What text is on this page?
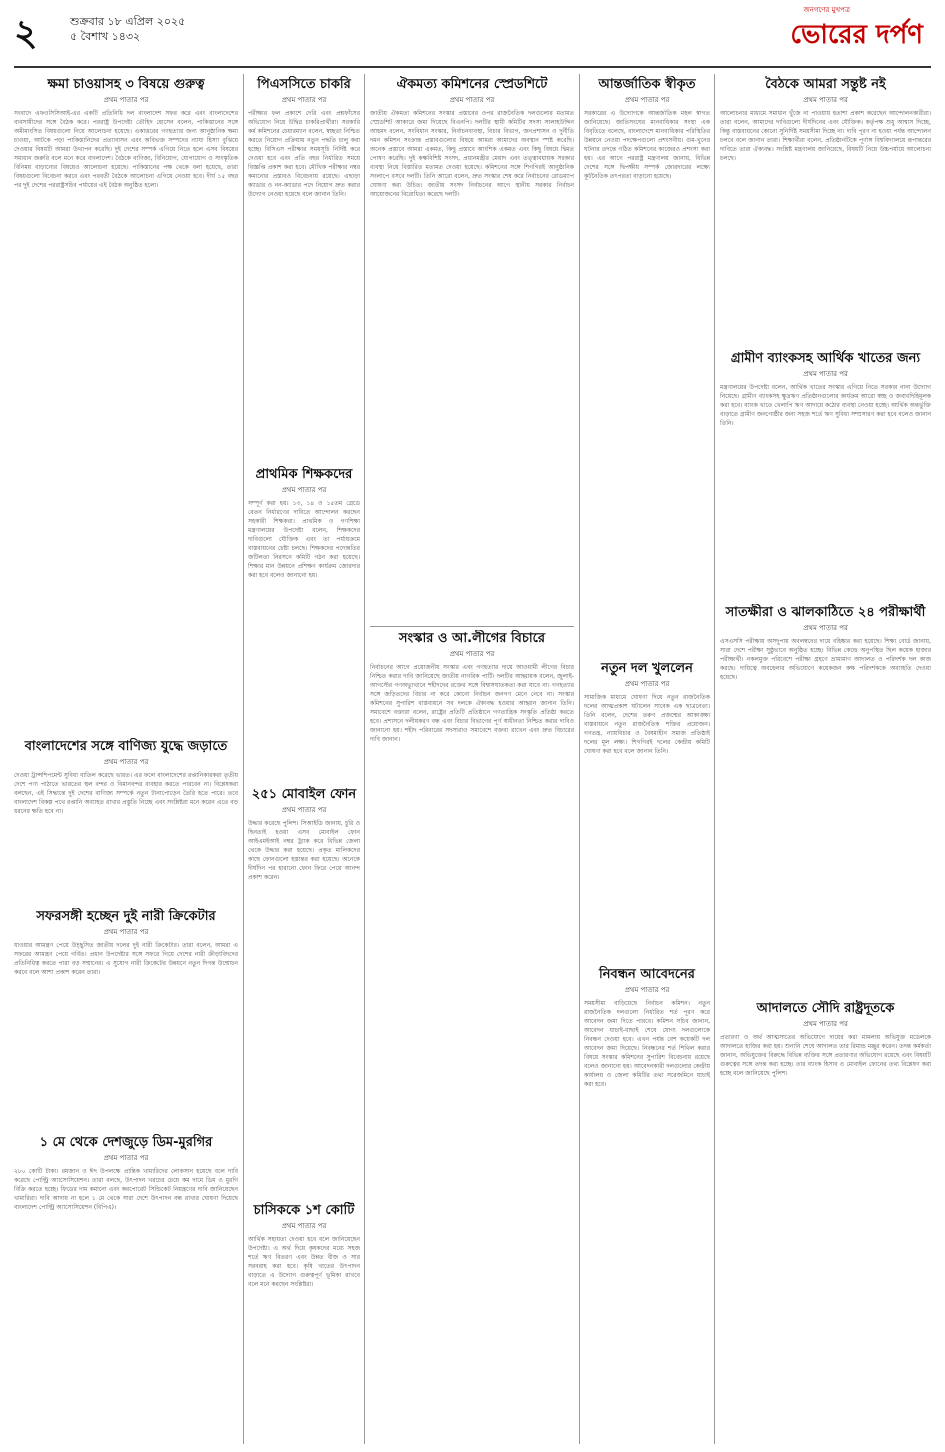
২	শুক্রবার ১৮ এপ্রিল ২০২৫
৫ বৈশাখ ১৪৩২
জনগণের মুখপত্র
ভোরের দর্পণ
ক্ষমা চাওয়াসহ ৩ বিষয়ে গুরুত্ব
প্রথম পাতার পর
সংবাদে এফওসিসিআই-এর একটি প্রতিনিধি দল বাংলাদেশ সফর করে এবং বাংলাদেশের ব্যবসায়ীদের সঙ্গে বৈঠক করে। পররাষ্ট্র উপদেষ্টা তৌহিদ হোসেন বলেন, পাকিস্তানের সঙ্গে অমীমাংসিত বিষয়গুলো নিয়ে আলোচনা হয়েছে। একাত্তরের গণহত্যার জন্য আনুষ্ঠানিক ক্ষমা চাওয়া, আটকে পড়া পাকিস্তানিদের প্রত্যাবাসন এবং অবিভক্ত সম্পদের ন্যায্য হিস্যা বুঝিয়ে দেওয়ার বিষয়টি আমরা উত্থাপন করেছি। দুই দেশের সম্পর্ক এগিয়ে নিতে হলে এসব বিষয়ের সমাধান জরুরি বলে মনে করে বাংলাদেশ। বৈঠকে বাণিজ্য, বিনিয়োগ, যোগাযোগ ও সাংস্কৃতিক বিনিময় বাড়ানোর বিষয়েও আলোচনা হয়েছে। পাকিস্তানের পক্ষ থেকে বলা হয়েছে, তারা বিষয়গুলো বিবেচনা করবে এবং পরবর্তী বৈঠকে আলোচনা এগিয়ে নেওয়া হবে। দীর্ঘ ১৫ বছর পর দুই দেশের পররাষ্ট্রসচিব পর্যায়ের এই বৈঠক অনুষ্ঠিত হলো।
বাংলাদেশের সঙ্গে বাণিজ্য যুদ্ধে জড়াতে
প্রথম পাতার পর
দেওয়া ট্রান্সশিপমেন্ট সুবিধা বাতিল করেছে ভারত। এর ফলে বাংলাদেশের রপ্তানিকারকরা তৃতীয় দেশে পণ্য পাঠাতে ভারতের স্থল বন্দর ও বিমানবন্দর ব্যবহার করতে পারবেন না। বিশ্লেষকরা বলছেন, এই সিদ্ধান্তে দুই দেশের বাণিজ্য সম্পর্কে নতুন টানাপোড়েন তৈরি হতে পারে। তবে বাংলাদেশ বিকল্প পথে রপ্তানি অব্যাহত রাখার প্রস্তুতি নিচ্ছে এবং সংশ্লিষ্টরা মনে করেন এতে বড় ধরনের ক্ষতি হবে না।
সফরসঙ্গী হচ্ছেন দুই নারী ক্রিকেটার
প্রথম পাতার পর
যাওয়ার আমন্ত্রণ পেয়ে উচ্ছ্বসিত জাতীয় দলের দুই নারী ক্রিকেটার। তারা বলেন, আমরা এ সফরের আমন্ত্রণ পেয়ে গর্বিত। প্রধান উপদেষ্টার সঙ্গে সফরে গিয়ে দেশের নারী ক্রীড়াবিদদের প্রতিনিধিত্ব করতে পারা বড় সম্মানের। এ সুযোগ নারী ক্রিকেটের উন্নয়নে নতুন দিগন্ত উন্মোচন করবে বলে আশা প্রকাশ করেন তারা।
১ মে থেকে দেশজুড়ে ডিম-মুরগির
প্রথম পাতার পর
২৮০ কোটি টাকা। রমজান ও ঈদ উপলক্ষে প্রান্তিক খামারিদের লোকসান হয়েছে বলে দাবি করেছে পোল্ট্রি অ্যাসোসিয়েশন। তারা বলছে, উৎপাদন খরচের চেয়ে কম দামে ডিম ও মুরগি বিক্রি করতে হচ্ছে। ফিডের দাম কমানো এবং করপোরেট সিন্ডিকেট নিয়ন্ত্রণের দাবি জানিয়েছেন খামারিরা। দাবি আদায় না হলে ১ মে থেকে সারা দেশে উৎপাদন বন্ধ রাখার ঘোষণা দিয়েছে বাংলাদেশ পোল্ট্রি অ্যাসোসিয়েশন (বিপিএ)।
পিএসসিতে চাকরি
প্রথম পাতার পর
পরীক্ষার ফল প্রকাশে দেরি এবং প্রশ্নফাঁসের অভিযোগ নিয়ে উদ্বিগ্ন চাকরিপ্রার্থীরা। সরকারি কর্ম কমিশনের চেয়ারম্যান বলেন, স্বচ্ছতা নিশ্চিত করতে নিয়োগ প্রক্রিয়ায় নতুন পদ্ধতি চালু করা হচ্ছে। বিসিএস পরীক্ষার সময়সূচি নির্দিষ্ট করে দেওয়া হবে এবং প্রতি বছর নির্ধারিত সময়ে বিজ্ঞপ্তি প্রকাশ করা হবে। মৌখিক পরীক্ষার নম্বর কমানোর প্রস্তাবও বিবেচনায় রয়েছে। এছাড়া ক্যাডার ও নন-ক্যাডার পদে নিয়োগ দ্রুত করার উদ্যোগ নেওয়া হয়েছে বলে জানান তিনি।
প্রাথমিক শিক্ষকদের
প্রথম পাতার পর
সম্পূর্ণ করা হয়। ১৩, ১৪ ও ১৫তম গ্রেডে বেতন নির্ধারণের দাবিতে আন্দোলন করছেন সহকারী শিক্ষকরা। প্রাথমিক ও গণশিক্ষা মন্ত্রণালয়ের উপদেষ্টা বলেন, শিক্ষকদের দাবিগুলো যৌক্তিক এবং তা পর্যায়ক্রমে বাস্তবায়নের চেষ্টা চলছে। শিক্ষকদের পদোন্নতির জটিলতা নিরসনে কমিটি গঠন করা হয়েছে। শিক্ষার মান উন্নয়নে প্রশিক্ষণ কার্যক্রম জোরদার করা হবে বলেও জানানো হয়।
২৫১ মোবাইল ফোন
প্রথম পাতার পর
উদ্ধার করেছে পুলিশ। সিআইডি জানায়, চুরি ও ছিনতাই হওয়া এসব মোবাইল ফোন আইএমইআই নম্বর ট্র্যাক করে বিভিন্ন জেলা থেকে উদ্ধার করা হয়েছে। প্রকৃত মালিকদের কাছে ফোনগুলো হস্তান্তর করা হয়েছে। অনেকে দীর্ঘদিন পর হারানো ফোন ফিরে পেয়ে আনন্দ প্রকাশ করেন।
চাসিককে ১শ কোটি
প্রথম পাতার পর
আর্থিক সহায়তা দেওয়া হবে বলে জানিয়েছেন উপদেষ্টা। এ অর্থ দিয়ে কৃষকদের মধ্যে সহজ শর্তে ঋণ বিতরণ এবং উন্নত বীজ ও সার সরবরাহ করা হবে। কৃষি খাতের উৎপাদন বাড়াতে এ উদ্যোগ গুরুত্বপূর্ণ ভূমিকা রাখবে বলে মনে করছেন সংশ্লিষ্টরা।
ঐকমত্য কমিশনের স্প্রেডশিটে
প্রথম পাতার পর
জাতীয় ঐকমত্য কমিশনের সংস্কার প্রস্তাবের ওপর রাজনৈতিক দলগুলোর মতামত স্প্রেডশিট আকারে জমা দিয়েছে বিএনপি। দলটির স্থায়ী কমিটির সদস্য সালাহউদ্দিন আহমদ বলেন, সংবিধান সংস্কার, নির্বাচনব্যবস্থা, বিচার বিভাগ, জনপ্রশাসন ও দুর্নীতি দমন কমিশন সংক্রান্ত প্রস্তাবগুলোর বিষয়ে আমরা আমাদের অবস্থান স্পষ্ট করেছি। অনেক প্রস্তাবে আমরা একমত, কিছু প্রস্তাবে আংশিক একমত এবং কিছু বিষয়ে দ্বিমত পোষণ করেছি। দুই কক্ষবিশিষ্ট সংসদ, প্রধানমন্ত্রীর মেয়াদ এবং তত্ত্বাবধায়ক সরকার ব্যবস্থা নিয়ে বিস্তারিত মতামত দেওয়া হয়েছে। কমিশনের সঙ্গে শিগগিরই আনুষ্ঠানিক সংলাপে বসবে দলটি। তিনি আরো বলেন, দ্রুত সংস্কার শেষ করে নির্বাচনের রোডম্যাপ ঘোষণা করা উচিত। জাতীয় সংসদ নির্বাচনের আগে স্থানীয় সরকার নির্বাচন আয়োজনের বিরোধিতা করেছে দলটি।
সংস্কার ও আ.লীগের বিচারে
প্রথম পাতার পর
নির্বাচনের আগে প্রয়োজনীয় সংস্কার এবং গণহত্যার দায়ে আওয়ামী লীগের বিচার নিশ্চিত করার দাবি জানিয়েছে জাতীয় নাগরিক পার্টি। দলটির আহ্বায়ক বলেন, জুলাই-আগস্টের গণঅভ্যুত্থানে শহীদদের রক্তের সঙ্গে বিশ্বাসঘাতকতা করা যাবে না। গণহত্যার সঙ্গে জড়িতদের বিচার না করে কোনো নির্বাচন জনগণ মেনে নেবে না। সংস্কার কমিশনের সুপারিশ বাস্তবায়নে সব দলকে ঐক্যবদ্ধ হওয়ার আহ্বান জানান তিনি। সমাবেশে বক্তারা বলেন, রাষ্ট্রের প্রতিটি প্রতিষ্ঠানে গণতান্ত্রিক সংস্কৃতি প্রতিষ্ঠা করতে হবে। প্রশাসনে দলীয়করণ বন্ধ এবং বিচার বিভাগের পূর্ণ স্বাধীনতা নিশ্চিত করার দাবিও জানানো হয়। শহীদ পরিবারের সদস্যরাও সমাবেশে বক্তব্য রাখেন এবং দ্রুত বিচারের দাবি জানান।
আন্তর্জাতিক স্বীকৃত
প্রথম পাতার পর
সরকারের এ উদ্যোগকে আন্তর্জাতিক মহল স্বাগত জানিয়েছে। জাতিসংঘের মানবাধিকার সংস্থা এক বিবৃতিতে বলেছে, বাংলাদেশে মানবাধিকার পরিস্থিতির উন্নয়নে নেওয়া পদক্ষেপগুলো প্রশংসনীয়। গুম-খুনের ঘটনার তদন্তে গঠিত কমিশনের কাজেরও প্রশংসা করা হয়। এর আগে পররাষ্ট্র মন্ত্রণালয় জানায়, বিভিন্ন দেশের সঙ্গে দ্বিপক্ষীয় সম্পর্ক জোরদারের লক্ষ্যে কূটনৈতিক তৎপরতা বাড়ানো হয়েছে।
নতুন দল খুললেন
প্রথম পাতার পর
সামাজিক মাধ্যমে ঘোষণা দিয়ে নতুন রাজনৈতিক দলের আত্মপ্রকাশ ঘটালেন সাবেক এক ছাত্রনেতা। তিনি বলেন, দেশের তরুণ প্রজন্মের আকাঙ্ক্ষা বাস্তবায়নে নতুন রাজনৈতিক শক্তির প্রয়োজন। গণতন্ত্র, ন্যায়বিচার ও বৈষম্যহীন সমাজ প্রতিষ্ঠাই দলের মূল লক্ষ্য। শিগগিরই দলের কেন্দ্রীয় কমিটি ঘোষণা করা হবে বলে জানান তিনি।
নিবন্ধন আবেদনের
প্রথম পাতার পর
সময়সীমা বাড়িয়েছে নির্বাচন কমিশন। নতুন রাজনৈতিক দলগুলো নির্ধারিত শর্ত পূরণ করে আবেদন জমা দিতে পারবে। কমিশন সচিব জানান, আবেদন যাচাই-বাছাই শেষে যোগ্য দলগুলোকে নিবন্ধন দেওয়া হবে। এখন পর্যন্ত বেশ কয়েকটি দল আবেদন জমা দিয়েছে। নিবন্ধনের শর্ত শিথিল করার বিষয়ে সংস্কার কমিশনের সুপারিশ বিবেচনায় রয়েছে বলেও জানানো হয়। আবেদনকারী দলগুলোর কেন্দ্রীয় কার্যালয় ও জেলা কমিটির তথ্য সরেজমিনে যাচাই করা হবে।
বৈঠকে আমরা সন্তুষ্ট নই
প্রথম পাতার পর
আলোচনার মাধ্যমে সমাধান খুঁজে না পাওয়ায় হতাশা প্রকাশ করেছেন আন্দোলনকারীরা। তারা বলেন, আমাদের দাবিগুলো দীর্ঘদিনের এবং যৌক্তিক। কর্তৃপক্ষ শুধু আশ্বাস দিচ্ছে, কিন্তু বাস্তবায়নের কোনো সুনির্দিষ্ট সময়সীমা দিচ্ছে না। দাবি পূরণ না হওয়া পর্যন্ত আন্দোলন চলবে বলে জানান তারা। শিক্ষার্থীরা বলেন, প্রতিষ্ঠানটিকে পূর্ণাঙ্গ বিশ্ববিদ্যালয়ে রূপান্তরের দাবিতে তারা ঐক্যবদ্ধ। সংশ্লিষ্ট মন্ত্রণালয় জানিয়েছে, বিষয়টি নিয়ে উচ্চপর্যায়ে আলোচনা চলছে।
গ্রামীণ ব্যাংকসহ আর্থিক খাতের জন্য
প্রথম পাতার পর
মন্ত্রণালয়ের উপদেষ্টা বলেন, আর্থিক খাতের সংস্কার এগিয়ে নিতে সরকার নানা উদ্যোগ নিয়েছে। গ্রামীণ ব্যাংকসহ ক্ষুদ্রঋণ প্রতিষ্ঠানগুলোর কার্যক্রম আরো স্বচ্ছ ও জবাবদিহিমূলক করা হবে। ব্যাংক খাতে খেলাপি ঋণ আদায়ে কঠোর ব্যবস্থা নেওয়া হচ্ছে। আর্থিক অন্তর্ভুক্তি বাড়াতে গ্রামীণ জনগোষ্ঠীর জন্য সহজ শর্তে ঋণ সুবিধা সম্প্রসারণ করা হবে বলেও জানান তিনি।
সাতক্ষীরা ও ঝালকাঠিতে ২৪ পরীক্ষার্থী
প্রথম পাতার পর
এসএসসি পরীক্ষায় অসদুপায় অবলম্বনের দায়ে বহিষ্কার করা হয়েছে। শিক্ষা বোর্ড জানায়, সারা দেশে পরীক্ষা সুষ্ঠুভাবে অনুষ্ঠিত হচ্ছে। বিভিন্ন কেন্দ্রে অনুপস্থিত ছিল কয়েক হাজার পরীক্ষার্থী। নকলমুক্ত পরিবেশে পরীক্ষা গ্রহণে ভ্রাম্যমাণ আদালত ও পরিদর্শক দল কাজ করছে। দায়িত্বে অবহেলার অভিযোগে কয়েকজন কক্ষ পরিদর্শককে অব্যাহতি দেওয়া হয়েছে।
আদালতে সৌদি রাষ্ট্রদূতকে
প্রথম পাতার পর
প্রতারণা ও অর্থ আত্মসাতের অভিযোগে দায়ের করা মামলায় অভিযুক্ত মডেলকে আদালতে হাজির করা হয়। শুনানি শেষে আদালত তার রিমান্ড মঞ্জুর করেন। তদন্ত কর্মকর্তা জানান, অভিযুক্তের বিরুদ্ধে বিভিন্ন ব্যক্তির সঙ্গে প্রতারণার অভিযোগ রয়েছে এবং বিষয়টি গুরুত্বের সঙ্গে তদন্ত করা হচ্ছে। তার ব্যাংক হিসাব ও মোবাইল ফোনের তথ্য বিশ্লেষণ করা হচ্ছে বলে জানিয়েছে পুলিশ।
